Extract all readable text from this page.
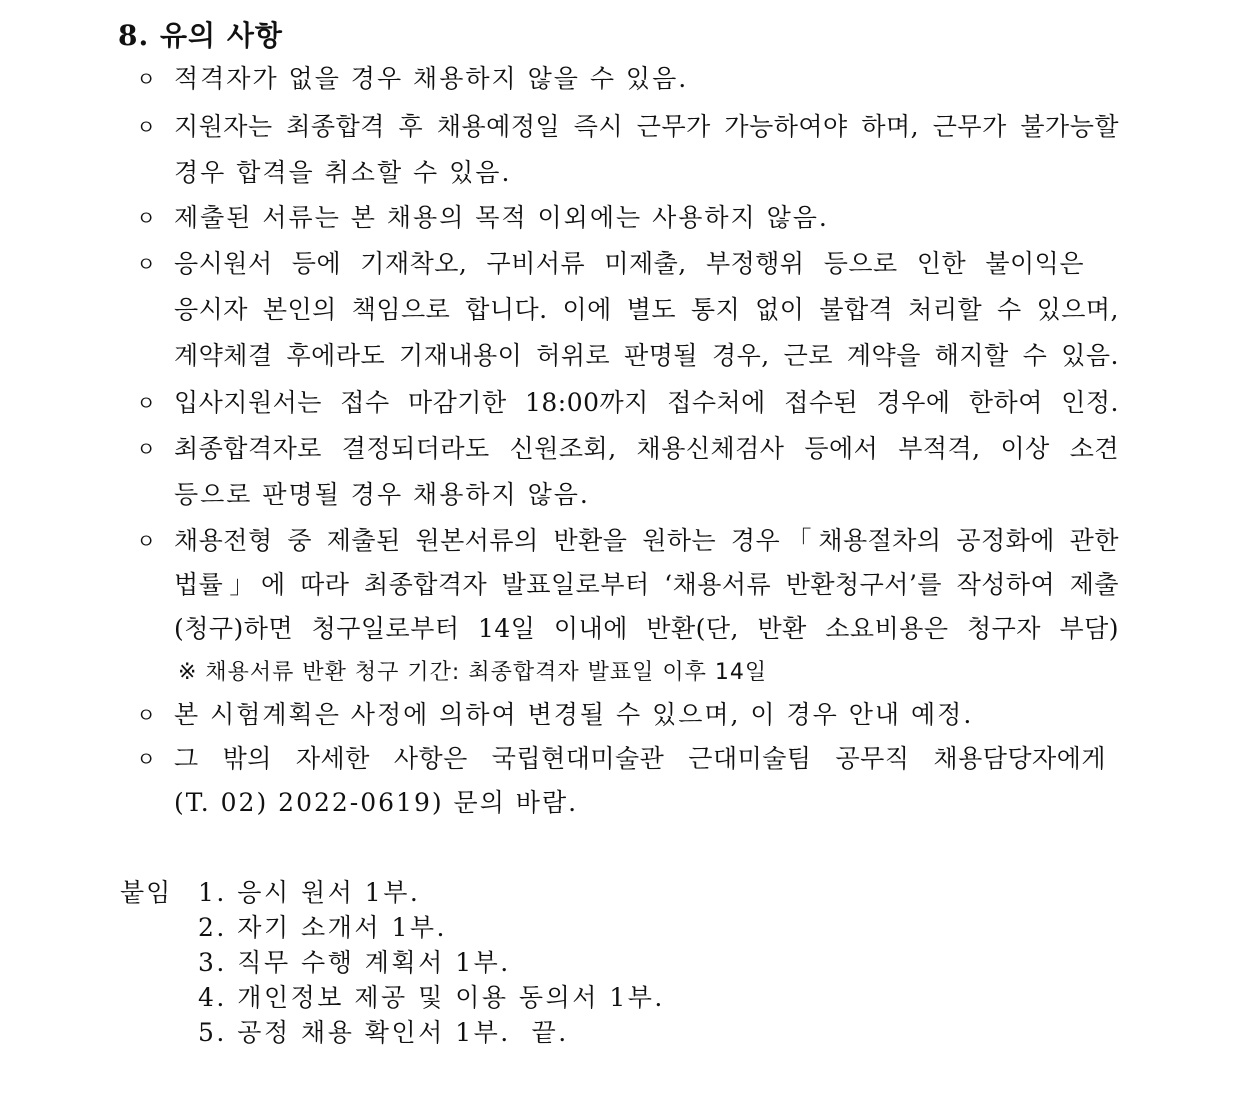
8. 유의 사항
ㅇ 적격자가 없을 경우 채용하지 않을 수 있음.
ㅇ 지원자는 최종합격 후 채용예정일 즉시 근무가 가능하여야 하며, 근무가 불가능할
경우 합격을 취소할 수 있음.
ㅇ 제출된 서류는 본 채용의 목적 이외에는 사용하지 않음.
ㅇ 응시원서 등에 기재착오, 구비서류 미제출, 부정행위 등으로 인한 불이익은
응시자 본인의 책임으로 합니다. 이에 별도 통지 없이 불합격 처리할 수 있으며,
계약체결 후에라도 기재내용이 허위로 판명될 경우, 근로 계약을 해지할 수 있음.
ㅇ 입사지원서는 접수 마감기한 18:00까지 접수처에 접수된 경우에 한하여 인정.
ㅇ 최종합격자로 결정되더라도 신원조회, 채용신체검사 등에서 부적격, 이상 소견
등으로 판명될 경우 채용하지 않음.
ㅇ 채용전형 중 제출된 원본서류의 반환을 원하는 경우「채용절차의 공정화에 관한
법률」에 따라 최종합격자 발표일로부터 ‘채용서류 반환청구서’를 작성하여 제출
(청구)하면 청구일로부터 14일 이내에 반환(단, 반환 소요비용은 청구자 부담)
※ 채용서류 반환 청구 기간: 최종합격자 발표일 이후 14일
ㅇ 본 시험계획은 사정에 의하여 변경될 수 있으며, 이 경우 안내 예정.
ㅇ 그 밖의 자세한 사항은 국립현대미술관 근대미술팀 공무직 채용담당자에게
(T. 02) 2022-0619) 문의 바람.
붙임 1. 응시 원서 1부.
2. 자기 소개서 1부.
3. 직무 수행 계획서 1부.
4. 개인정보 제공 및 이용 동의서 1부.
5. 공정 채용 확인서 1부.  끝.
